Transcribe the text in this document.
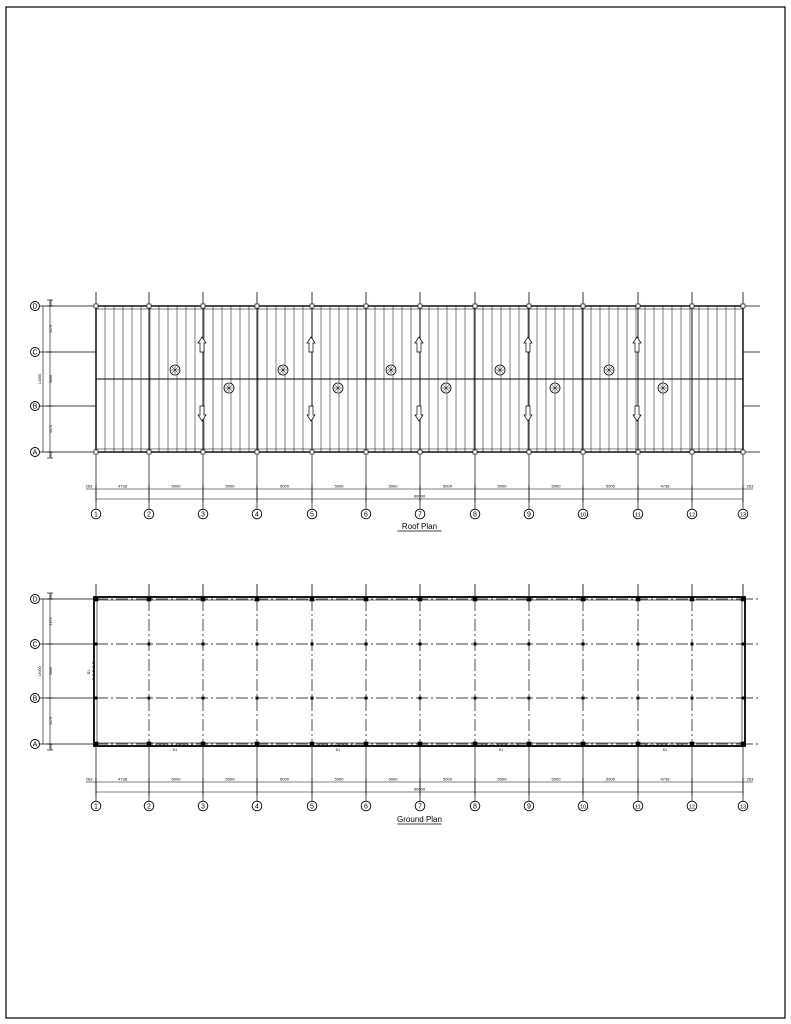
D
C
B
A
263
4175
5000
4175
263
14000
1	2	3	4	5	6	7	8	9	10	11	12	13
263	4738	5000	5000	5000	5000	5000	5000	5000	5000	5000	4738	263
60000
Roof Plan
D
C
B
A
263
4175
5000
4175
263
14000
1	2	3	4	5	6	7	8	9	10	11	12	13
263	4738	5000	5000	5000	5000	5000	5000	5000	5000	5000	4738	263
60000
Ground Plan
D1	D1	D1	D1
D1
